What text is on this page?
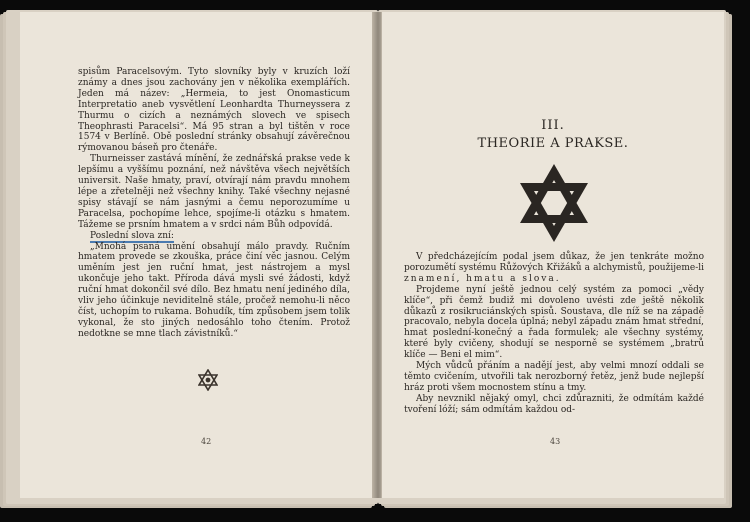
spisům Paracelsovým. Tyto slovníky byly v kruzích loží známy a dnes jsou zachovány jen v několika exemplářích. Jeden má název: „Hermeia, to jest Onomasticum Interpretatio aneb vysvětlení Leonhardta Thurneyssera z Thurmu o cizích a neznámých slovech ve spisech Theophrasti Paracelsi“. Má 95 stran a byl tištěn v roce 1574 v Berlíně. Obě poslední stránky obsahují závěrečnou rýmovanou báseň pro čtenáře.

Thurneisser zastává mínění, že zednářská prakse vede k lepšímu a vyššímu poznání, než návštěva všech největších universit. Naše hmaty, praví, otvírají nám pravdu mnohem lépe a zřetelněji než všechny knihy. Také všechny nejasné spisy stávají se nám jasnými a čemu neporozumíme u Paracelsa, pochopíme lehce, spojíme-li otázku s hmatem. Tážeme se prsním hmatem a v srdci nám Bůh odpovídá.

Poslední slova zní:

„Mnohá psaná umění obsahují málo pravdy. Ručním hmatem provede se zkouška, práce činí věc jasnou. Celým uměním jest jen ruční hmat, jest nástrojem a mysl ukončuje jeho takt. Příroda dává mysli své žádosti, když ruční hmat dokončil své dílo. Bez hmatu není jediného díla, vliv jeho účinkuje neviditelně stále, pročež nemohu-li něco číst, uchopím to rukama. Bohudík, tím způsobem jsem tolik vykonal, že sto jiných nedosáhlo toho čtením. Protož nedotkne se mne tlach závistníků.“

42
III.
THEORIE A PRAKSE.

V předcházejícím podal jsem důkaz, že jen tenkráte možno porozumětí systému Růžových Křižáků a alchymistů, použijeme-li znamení, hmatu a slova.

Projdeme nyní ještě jednou celý systém za pomoci „vědy klíče“, při čemž budiž mi dovoleno uvésti zde ještě několik důkazů z rosikruciánských spisů. Soustava, dle níž se na západě pracovalo, nebyla docela úplná; nebyl západu znám hmat střední, hmat poslední-konečný a řada formulek; ale všechny systémy, které byly cvičeny, shodují se nesporně se systémem „bratrů klíče — Beni el mim“.

Mých vůdců přáním a nadějí jest, aby velmi mnozí oddali se těmto cvičením, utvořili tak nerozborný řetěz, jenž bude nejlepší hráz proti všem mocnostem stínu a tmy.

Aby nevznikl nějaký omyl, chci zdůrazniti, že odmítám každé tvoření lóží; sám odmítám každou od-

43
